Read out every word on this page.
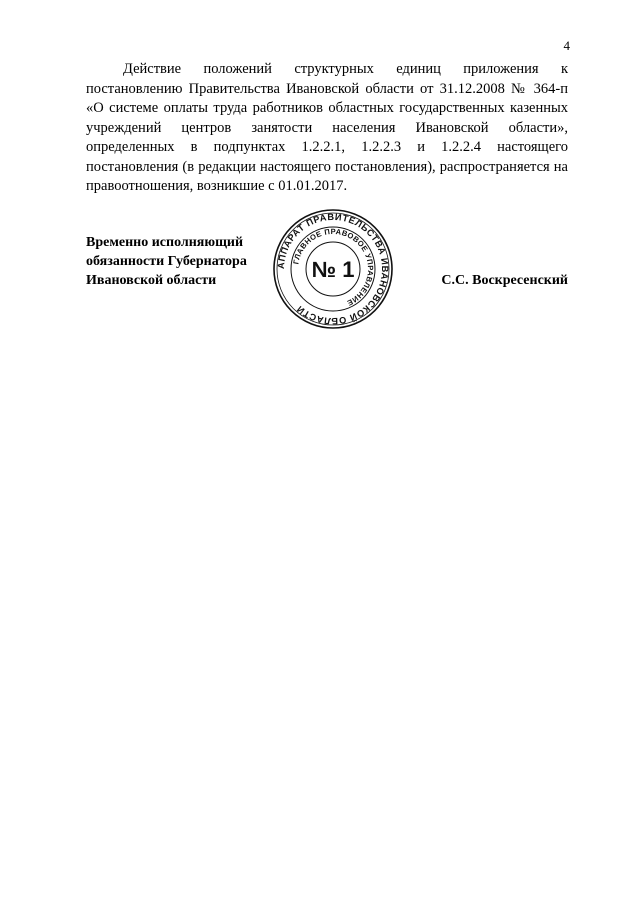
4

Действие положений структурных единиц приложения к постановлению Правительства Ивановской области от 31.12.2008 № 364-п «О системе оплаты труда работников областных государственных казенных учреждений центров занятости населения Ивановской области», определенных в подпунктах 1.2.2.1, 1.2.2.3 и 1.2.2.4 настоящего постановления (в редакции настоящего постановления), распространяется на правоотношения, возникшие с 01.01.2017.

Временно исполняющий
обязанности Губернатора
Ивановской области
АППАРАТ ПРАВИТЕЛЬСТВА ИВАНОВСКОЙ ОБЛАСТИ
ГЛАВНОЕ ПРАВОВОЕ УПРАВЛЕНИЕ
№ 1	С.С. Воскресенский
